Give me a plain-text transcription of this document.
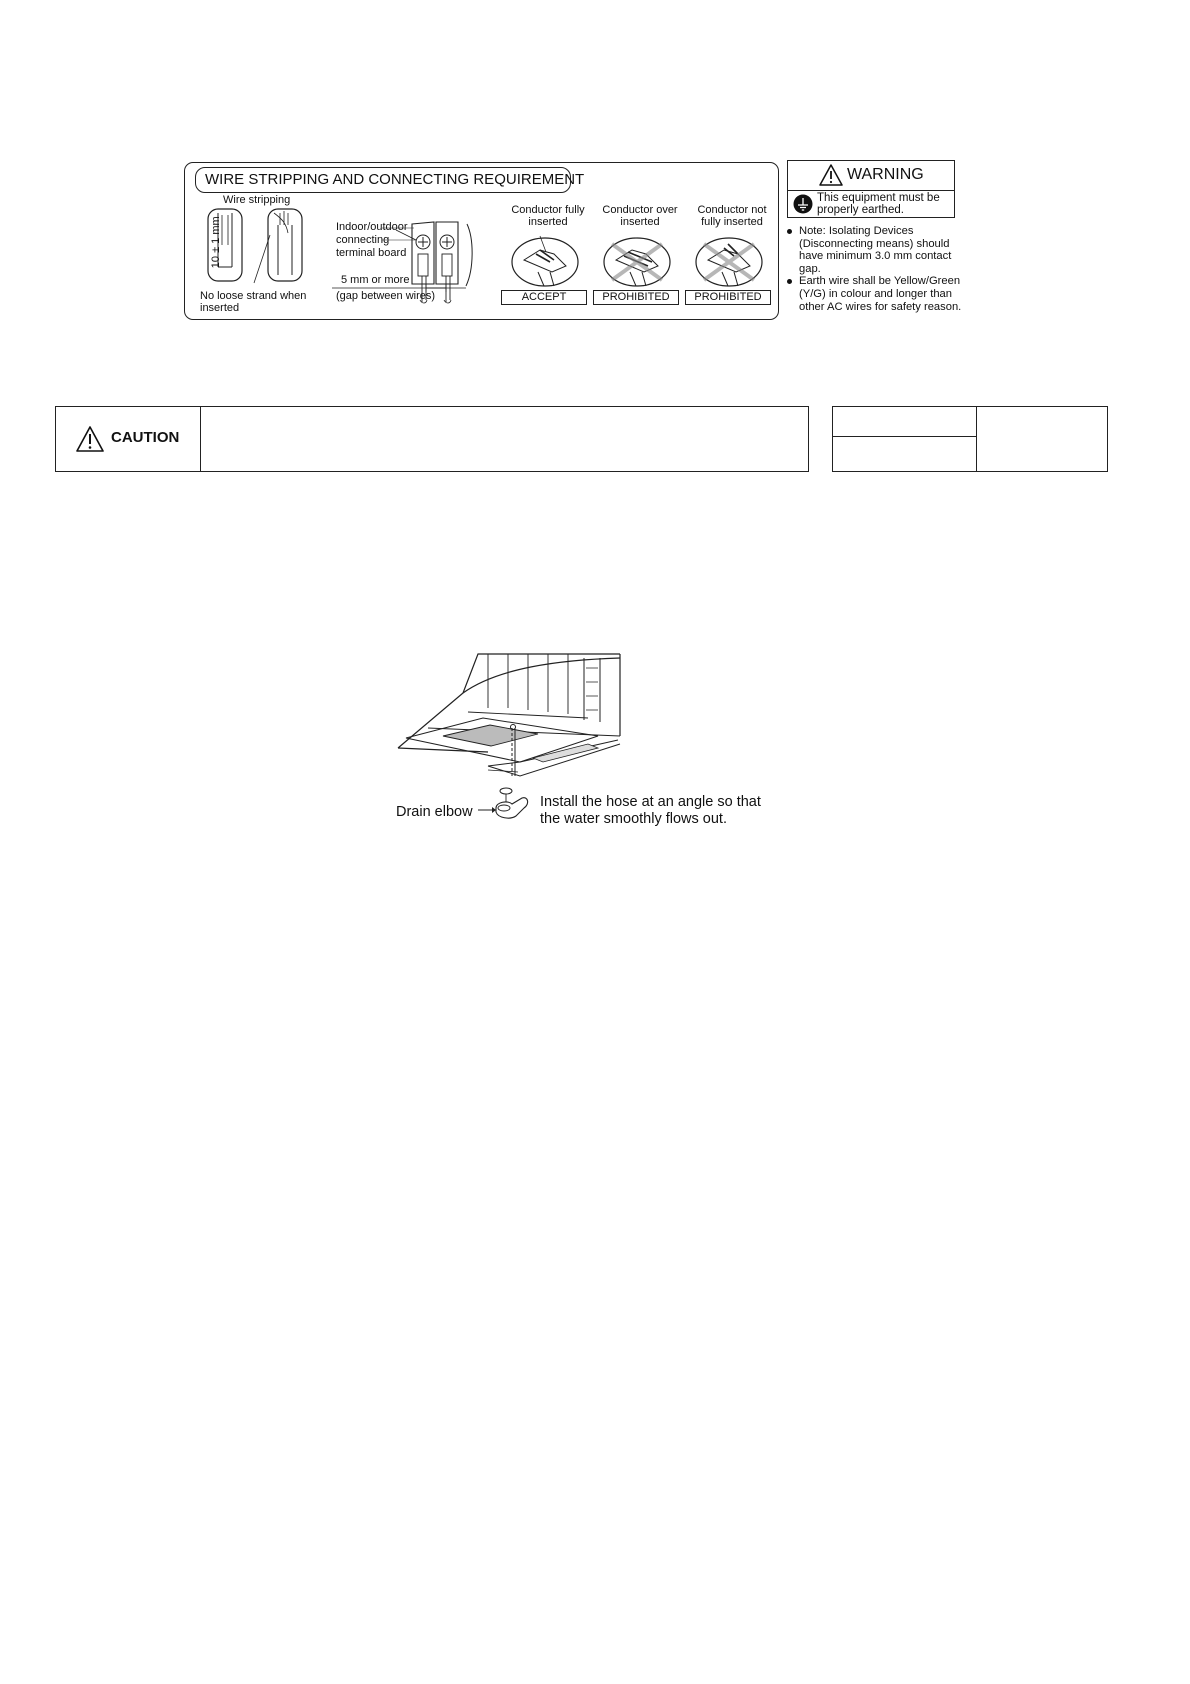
WIRE STRIPPING AND CONNECTING REQUIREMENT
Wire stripping
10 ± 1 mm
No loose strand when
inserted
Indoor/outdoor
connecting
terminal board
5 mm or more
(gap between wires)
Conductor fully
inserted
Conductor over
inserted
Conductor not
fully inserted
ACCEPT	PROHIBITED	PROHIBITED
WARNING
This equipment must be
properly earthed.
Note: Isolating Devices
(Disconnecting means) should
have minimum 3.0 mm contact
gap.
Earth wire shall be Yellow/Green
(Y/G) in colour and longer than
other AC wires for safety reason.
CAUTION
Drain elbow
Install the hose at an angle so that
the water smoothly flows out.
